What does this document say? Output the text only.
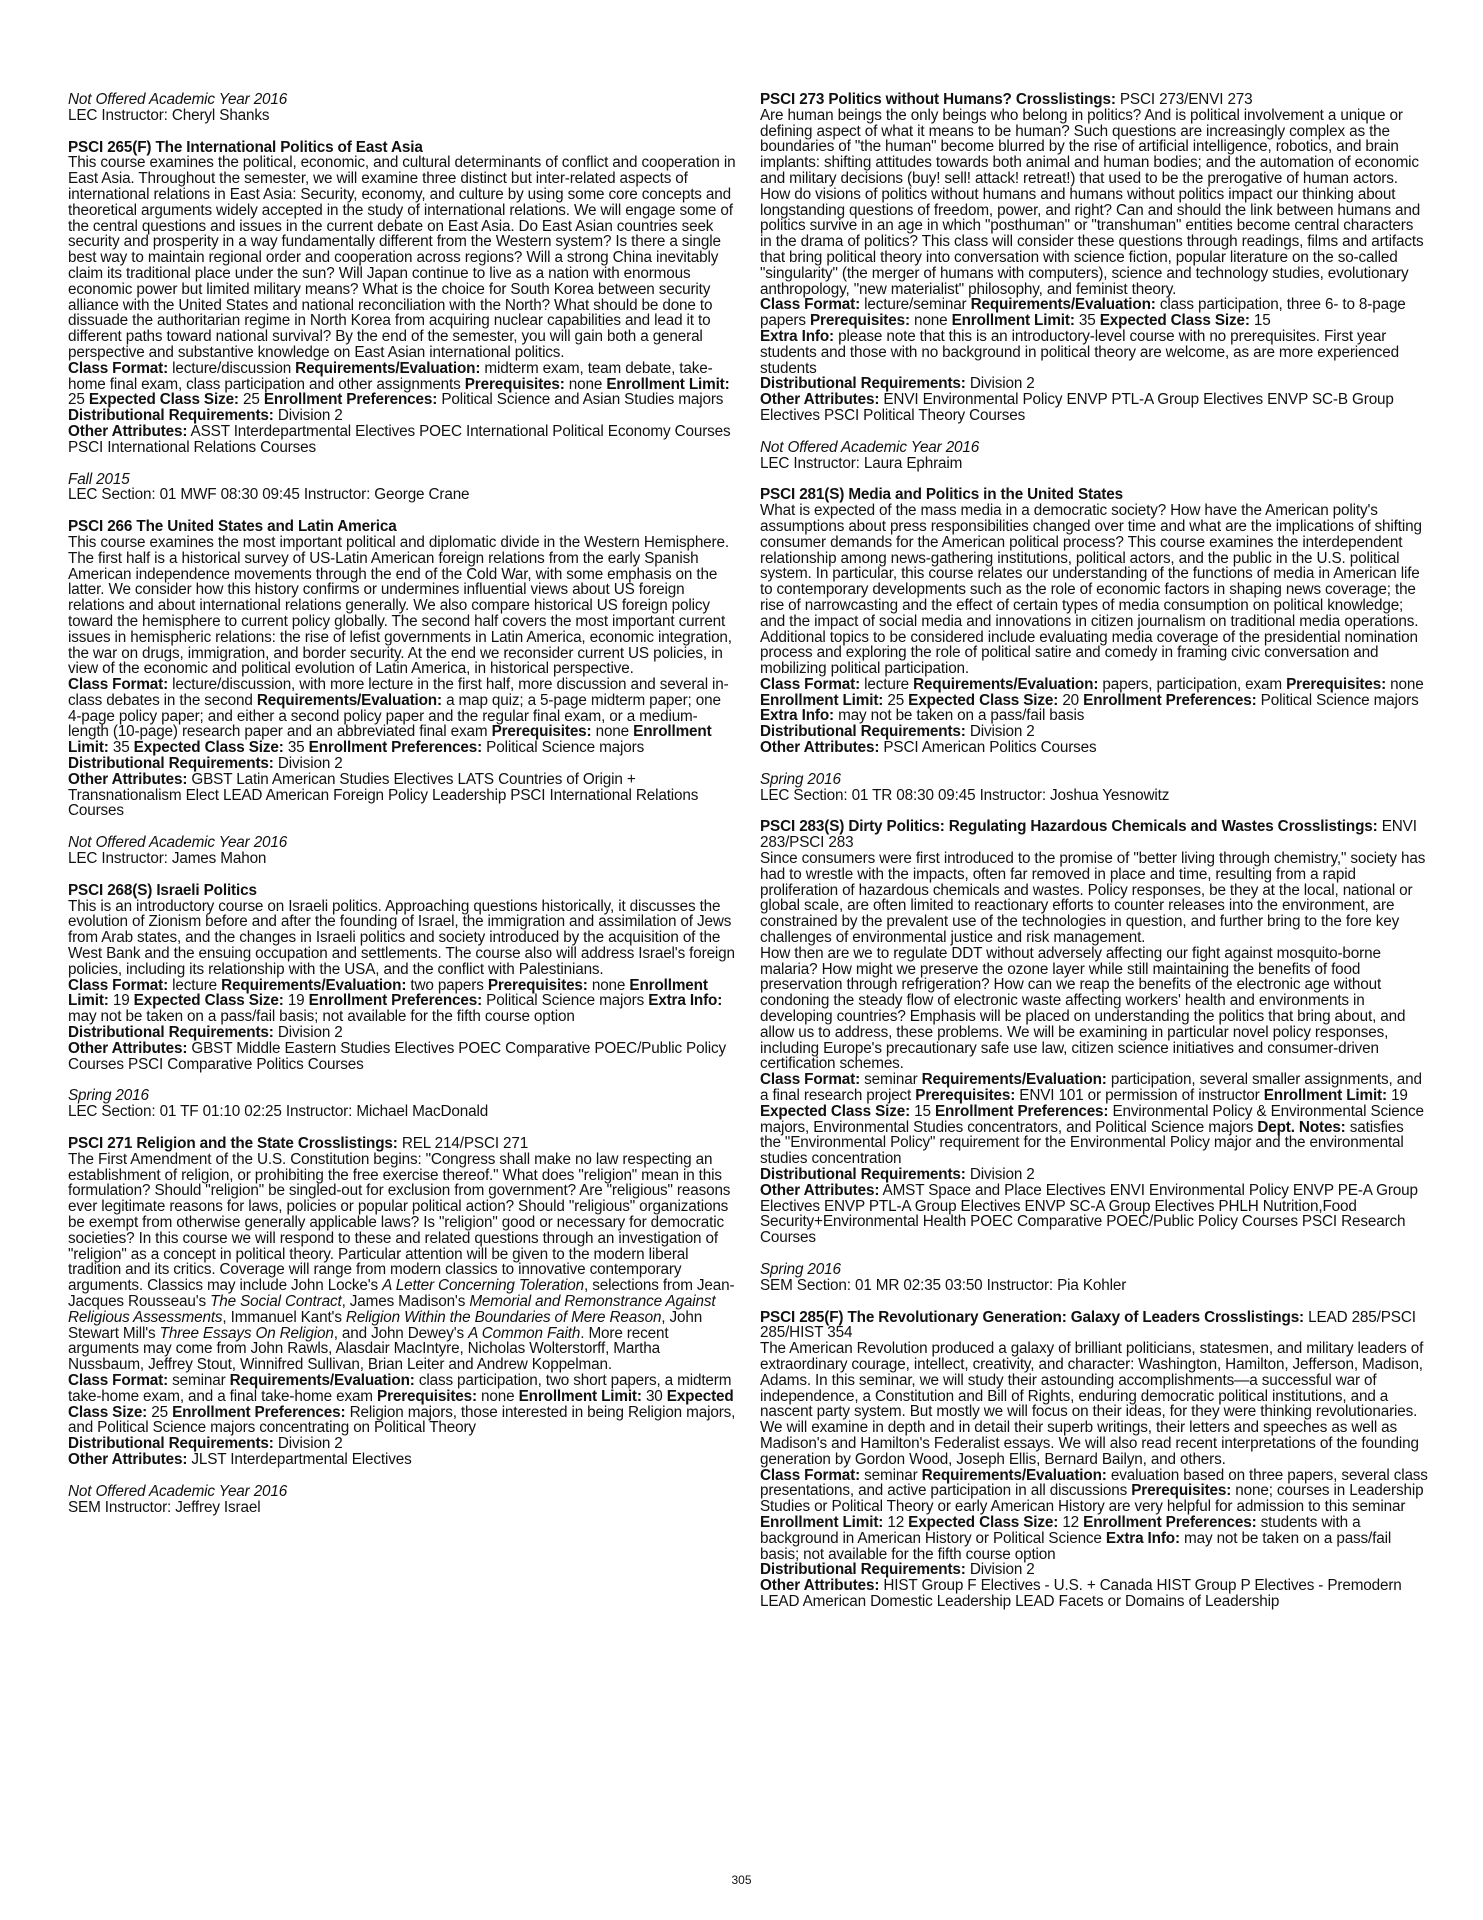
Not Offered Academic Year 2016
LEC Instructor: Cheryl Shanks
PSCI 265(F) The International Politics of East Asia
This course examines the political, economic, and cultural determinants of conflict and cooperation in East Asia. Throughout the semester, we will examine three distinct but inter-related aspects of international relations in East Asia: Security, economy, and culture by using some core concepts and theoretical arguments widely accepted in the study of international relations. We will engage some of the central questions and issues in the current debate on East Asia. Do East Asian countries seek security and prosperity in a way fundamentally different from the Western system? Is there a single best way to maintain regional order and cooperation across regions? Will a strong China inevitably claim its traditional place under the sun? Will Japan continue to live as a nation with enormous economic power but limited military means? What is the choice for South Korea between security alliance with the United States and national reconciliation with the North? What should be done to dissuade the authoritarian regime in North Korea from acquiring nuclear capabilities and lead it to different paths toward national survival? By the end of the semester, you will gain both a general perspective and substantive knowledge on East Asian international politics.
Class Format: lecture/discussion Requirements/Evaluation: midterm exam, team debate, take-home final exam, class participation and other assignments Prerequisites: none Enrollment Limit: 25 Expected Class Size: 25 Enrollment Preferences: Political Science and Asian Studies majors
Distributional Requirements: Division 2
Other Attributes: ASST Interdepartmental Electives POEC International Political Economy Courses PSCI International Relations Courses
Fall 2015
LEC Section: 01 MWF 08:30 09:45 Instructor: George Crane
PSCI 266 The United States and Latin America
This course examines the most important political and diplomatic divide in the Western Hemisphere. The first half is a historical survey of US-Latin American foreign relations from the early Spanish American independence movements through the end of the Cold War, with some emphasis on the latter. We consider how this history confirms or undermines influential views about US foreign relations and about international relations generally. We also compare historical US foreign policy toward the hemisphere to current policy globally. The second half covers the most important current issues in hemispheric relations: the rise of lefist governments in Latin America, economic integration, the war on drugs, immigration, and border security. At the end we reconsider current US policies, in view of the economic and political evolution of Latin America, in historical perspective.
Class Format: lecture/discussion, with more lecture in the first half, more discussion and several in-class debates in the second Requirements/Evaluation: a map quiz; a 5-page midterm paper; one 4-page policy paper; and either a second policy paper and the regular final exam, or a medium-length (10-page) research paper and an abbreviated final exam Prerequisites: none Enrollment Limit: 35 Expected Class Size: 35 Enrollment Preferences: Political Science majors
Distributional Requirements: Division 2
Other Attributes: GBST Latin American Studies Electives LATS Countries of Origin + Transnationalism Elect LEAD American Foreign Policy Leadership PSCI International Relations Courses
Not Offered Academic Year 2016
LEC Instructor: James Mahon
PSCI 268(S) Israeli Politics
This is an introductory course on Israeli politics. Approaching questions historically, it discusses the evolution of Zionism before and after the founding of Israel, the immigration and assimilation of Jews from Arab states, and the changes in Israeli politics and society introduced by the acquisition of the West Bank and the ensuing occupation and settlements. The course also will address Israel's foreign policies, including its relationship with the USA, and the conflict with Palestinians.
Class Format: lecture Requirements/Evaluation: two papers Prerequisites: none Enrollment Limit: 19 Expected Class Size: 19 Enrollment Preferences: Political Science majors Extra Info: may not be taken on a pass/fail basis; not available for the fifth course option
Distributional Requirements: Division 2
Other Attributes: GBST Middle Eastern Studies Electives POEC Comparative POEC/Public Policy Courses PSCI Comparative Politics Courses
Spring 2016
LEC Section: 01 TF 01:10 02:25 Instructor: Michael MacDonald
PSCI 271 Religion and the State Crosslistings: REL 214/PSCI 271
The First Amendment of the U.S. Constitution begins: "Congress shall make no law respecting an establishment of religion, or prohibiting the free exercise thereof." What does "religion" mean in this formulation? Should "religion" be singled-out for exclusion from government? Are "religious" reasons ever legitimate reasons for laws, policies or popular political action? Should "religious" organizations be exempt from otherwise generally applicable laws? Is "religion" good or necessary for democratic societies? In this course we will respond to these and related questions through an investigation of "religion" as a concept in political theory. Particular attention will be given to the modern liberal tradition and its critics. Coverage will range from modern classics to innovative contemporary arguments. Classics may include John Locke's A Letter Concerning Toleration, selections from Jean-Jacques Rousseau's The Social Contract, James Madison's Memorial and Remonstrance Against Religious Assessments, Immanuel Kant's Religion Within the Boundaries of Mere Reason, John Stewart Mill's Three Essays On Religion, and John Dewey's A Common Faith. More recent arguments may come from John Rawls, Alasdair MacIntyre, Nicholas Wolterstorff, Martha Nussbaum, Jeffrey Stout, Winnifred Sullivan, Brian Leiter and Andrew Koppelman.
Class Format: seminar Requirements/Evaluation: class participation, two short papers, a midterm take-home exam, and a final take-home exam Prerequisites: none Enrollment Limit: 30 Expected Class Size: 25 Enrollment Preferences: Religion majors, those interested in being Religion majors, and Political Science majors concentrating on Political Theory
Distributional Requirements: Division 2
Other Attributes: JLST Interdepartmental Electives
Not Offered Academic Year 2016
SEM Instructor: Jeffrey Israel
PSCI 273 Politics without Humans? Crosslistings: PSCI 273/ENVI 273
Are human beings the only beings who belong in politics? And is political involvement a unique or defining aspect of what it means to be human? Such questions are increasingly complex as the boundaries of "the human" become blurred by the rise of artificial intelligence, robotics, and brain implants: shifting attitudes towards both animal and human bodies; and the automation of economic and military decisions (buy! sell! attack! retreat!) that used to be the prerogative of human actors. How do visions of politics without humans and humans without politics impact our thinking about longstanding questions of freedom, power, and right? Can and should the link between humans and politics survive in an age in which "posthuman" or "transhuman" entities become central characters in the drama of politics? This class will consider these questions through readings, films and artifacts that bring political theory into conversation with science fiction, popular literature on the so-called "singularity" (the merger of humans with computers), science and technology studies, evolutionary anthropology, "new materialist" philosophy, and feminist theory.
Class Format: lecture/seminar Requirements/Evaluation: class participation, three 6- to 8-page papers Prerequisites: none Enrollment Limit: 35 Expected Class Size: 15
Extra Info: please note that this is an introductory-level course with no prerequisites. First year students and those with no background in political theory are welcome, as are more experienced students
Distributional Requirements: Division 2
Other Attributes: ENVI Environmental Policy ENVP PTL-A Group Electives ENVP SC-B Group Electives PSCI Political Theory Courses
Not Offered Academic Year 2016
LEC Instructor: Laura Ephraim
PSCI 281(S) Media and Politics in the United States
What is expected of the mass media in a democratic society? How have the American polity's assumptions about press responsibilities changed over time and what are the implications of shifting consumer demands for the American political process? This course examines the interdependent relationship among news-gathering institutions, political actors, and the public in the U.S. political system. In particular, this course relates our understanding of the functions of media in American life to contemporary developments such as the role of economic factors in shaping news coverage; the rise of narrowcasting and the effect of certain types of media consumption on political knowledge; and the impact of social media and innovations in citizen journalism on traditional media operations. Additional topics to be considered include evaluating media coverage of the presidential nomination process and exploring the role of political satire and comedy in framing civic conversation and mobilizing political participation.
Class Format: lecture Requirements/Evaluation: papers, participation, exam Prerequisites: none Enrollment Limit: 25 Expected Class Size: 20 Enrollment Preferences: Political Science majors Extra Info: may not be taken on a pass/fail basis
Distributional Requirements: Division 2
Other Attributes: PSCI American Politics Courses
Spring 2016
LEC Section: 01 TR 08:30 09:45 Instructor: Joshua Yesnowitz
PSCI 283(S) Dirty Politics: Regulating Hazardous Chemicals and Wastes Crosslistings: ENVI 283/PSCI 283
Since consumers were first introduced to the promise of "better living through chemistry," society has had to wrestle with the impacts, often far removed in place and time, resulting from a rapid proliferation of hazardous chemicals and wastes. Policy responses, be they at the local, national or global scale, are often limited to reactionary efforts to counter releases into the environment, are constrained by the prevalent use of the technologies in question, and further bring to the fore key challenges of environmental justice and risk management.
How then are we to regulate DDT without adversely affecting our fight against mosquito-borne malaria? How might we preserve the ozone layer while still maintaining the benefits of food preservation through refrigeration? How can we reap the benefits of the electronic age without condoning the steady flow of electronic waste affecting workers' health and environments in developing countries? Emphasis will be placed on understanding the politics that bring about, and allow us to address, these problems. We will be examining in particular novel policy responses, including Europe's precautionary safe use law, citizen science initiatives and consumer-driven certification schemes.
Class Format: seminar Requirements/Evaluation: participation, several smaller assignments, and a final research project Prerequisites: ENVI 101 or permission of instructor Enrollment Limit: 19 Expected Class Size: 15 Enrollment Preferences: Environmental Policy & Environmental Science majors, Environmental Studies concentrators, and Political Science majors Dept. Notes: satisfies the "Environmental Policy" requirement for the Environmental Policy major and the environmental studies concentration
Distributional Requirements: Division 2
Other Attributes: AMST Space and Place Electives ENVI Environmental Policy ENVP PE-A Group Electives ENVP PTL-A Group Electives ENVP SC-A Group Electives PHLH Nutrition,Food Security+Environmental Health POEC Comparative POEC/Public Policy Courses PSCI Research Courses
Spring 2016
SEM Section: 01 MR 02:35 03:50 Instructor: Pia Kohler
PSCI 285(F) The Revolutionary Generation: Galaxy of Leaders Crosslistings: LEAD 285/PSCI 285/HIST 354
The American Revolution produced a galaxy of brilliant politicians, statesmen, and military leaders of extraordinary courage, intellect, creativity, and character: Washington, Hamilton, Jefferson, Madison, Adams. In this seminar, we will study their astounding accomplishments—a successful war of independence, a Constitution and Bill of Rights, enduring democratic political institutions, and a nascent party system. But mostly we will focus on their ideas, for they were thinking revolutionaries. We will examine in depth and in detail their superb writings, their letters and speeches as well as Madison's and Hamilton's Federalist essays. We will also read recent interpretations of the founding generation by Gordon Wood, Joseph Ellis, Bernard Bailyn, and others.
Class Format: seminar Requirements/Evaluation: evaluation based on three papers, several class presentations, and active participation in all discussions Prerequisites: none; courses in Leadership Studies or Political Theory or early American History are very helpful for admission to this seminar Enrollment Limit: 12 Expected Class Size: 12 Enrollment Preferences: students with a background in American History or Political Science Extra Info: may not be taken on a pass/fail basis; not available for the fifth course option
Distributional Requirements: Division 2
Other Attributes: HIST Group F Electives - U.S. + Canada HIST Group P Electives - Premodern LEAD American Domestic Leadership LEAD Facets or Domains of Leadership
305
